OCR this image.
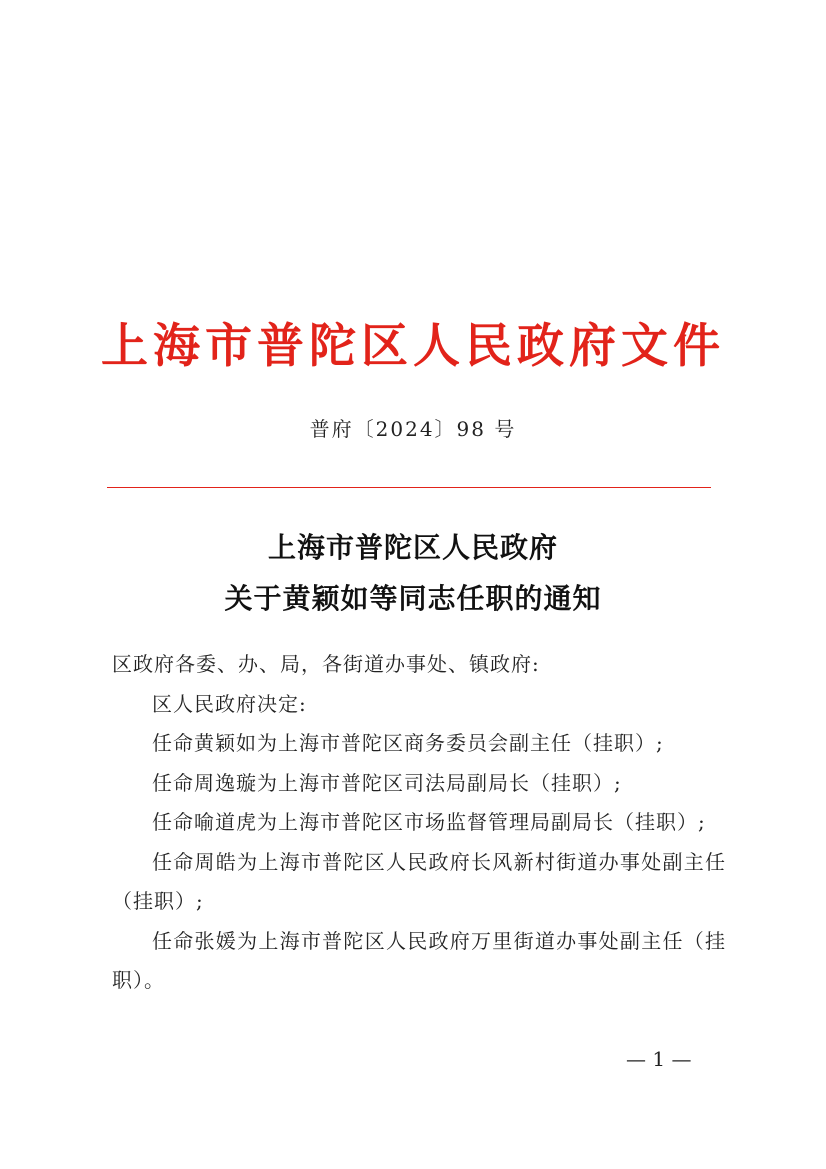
上海市普陀区人民政府文件
普府〔2024〕98 号
上海市普陀区人民政府
关于黄颖如等同志任职的通知

区政府各委、办、局，各街道办事处、镇政府:

区人民政府决定:

任命黄颖如为上海市普陀区商务委员会副主任（挂职）;

任命周逸璇为上海市普陀区司法局副局长（挂职）;

任命喻道虎为上海市普陀区市场监督管理局副局长（挂职）;

任命周皓为上海市普陀区人民政府长风新村街道办事处副主任（挂职）;

任命张媛为上海市普陀区人民政府万里街道办事处副主任（挂职）。

— 1 —
